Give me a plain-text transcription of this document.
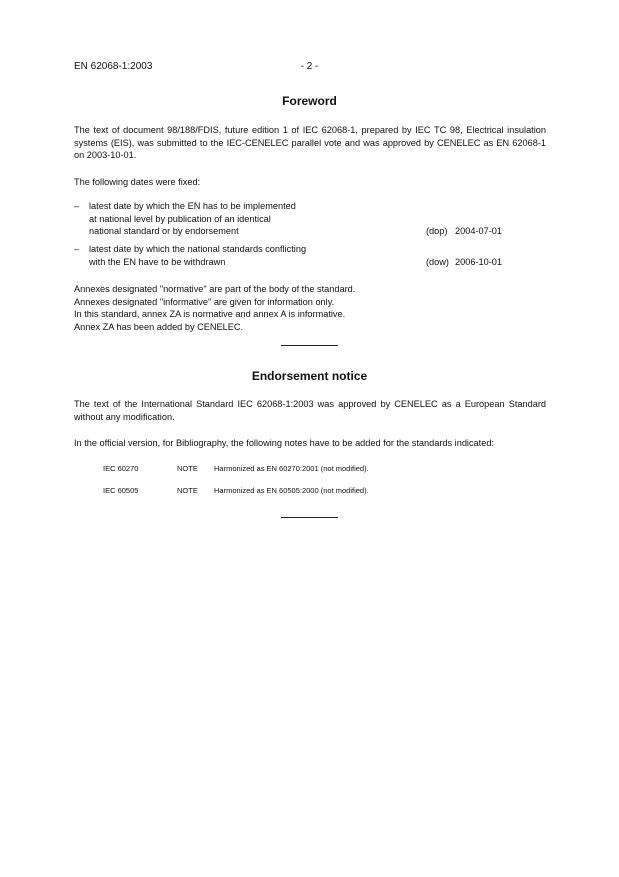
EN 62068-1:2003	- 2 -
Foreword
The text of document 98/188/FDIS, future edition 1 of IEC 62068-1, prepared by IEC TC 98, Electrical insulation systems (EIS), was submitted to the IEC-CENELEC parallel vote and was approved by CENELEC as EN 62068-1 on 2003-10-01.
The following dates were fixed:
– latest date by which the EN has to be implemented
at national level by publication of an identical
national standard or by endorsement	(dop) 2004-07-01
– latest date by which the national standards conflicting
with the EN have to be withdrawn	(dow) 2006-10-01
Annexes designated "normative" are part of the body of the standard.
Annexes designated "informative" are given for information only.
In this standard, annex ZA is normative and annex A is informative.
Annex ZA has been added by CENELEC.
Endorsement notice
The text of the International Standard IEC 62068-1:2003 was approved by CENELEC as a European Standard without any modification.
In the official version, for Bibliography, the following notes have to be added for the standards indicated:
IEC 60270	NOTE Harmonized as EN 60270:2001 (not modified).
IEC 60505	NOTE Harmonized as EN 60505:2000 (not modified).
